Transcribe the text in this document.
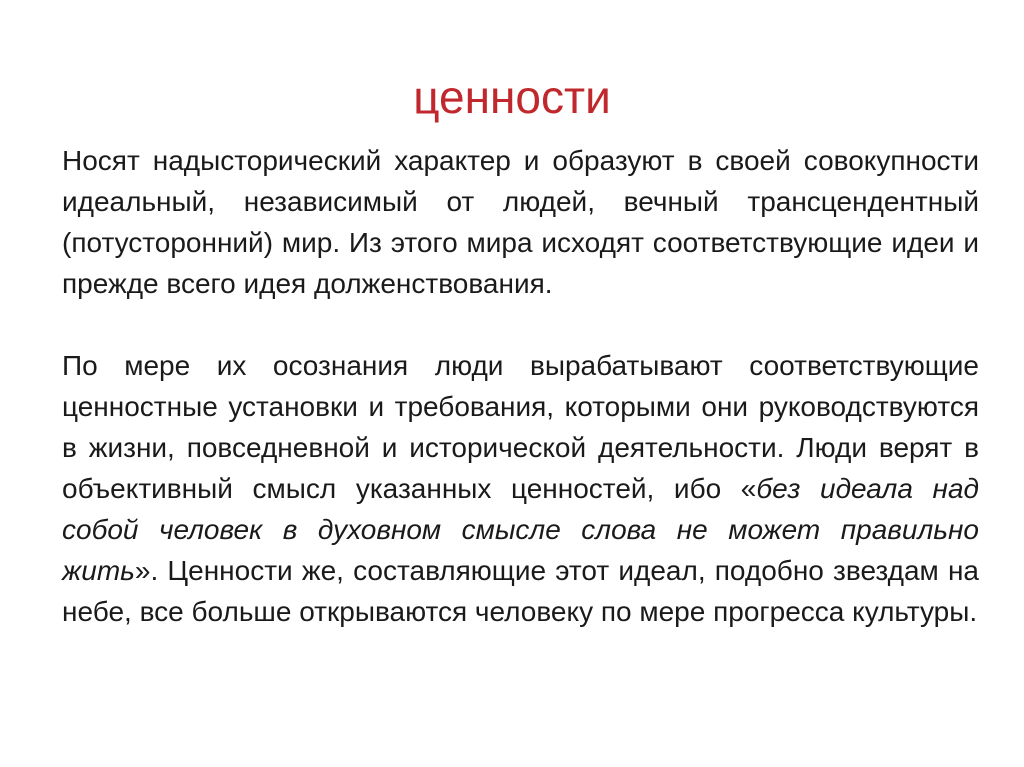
ценности

Носят надысторический характер и образуют в своей совокупности идеальный, независимый от людей, вечный трансцендентный (потусторонний) мир. Из этого мира исходят соответствующие идеи и прежде всего идея долженствования.

По мере их осознания люди вырабатывают соответствующие ценностные установки и требования, которыми они руководствуются в жизни, повседневной и исторической деятельности. Люди верят в объективный смысл указанных ценностей, ибо «без идеала над собой человек в духовном смысле слова не может правильно жить». Ценности же, составляющие этот идеал, подобно звездам на небе, все больше открываются человеку по мере прогресса культуры.
